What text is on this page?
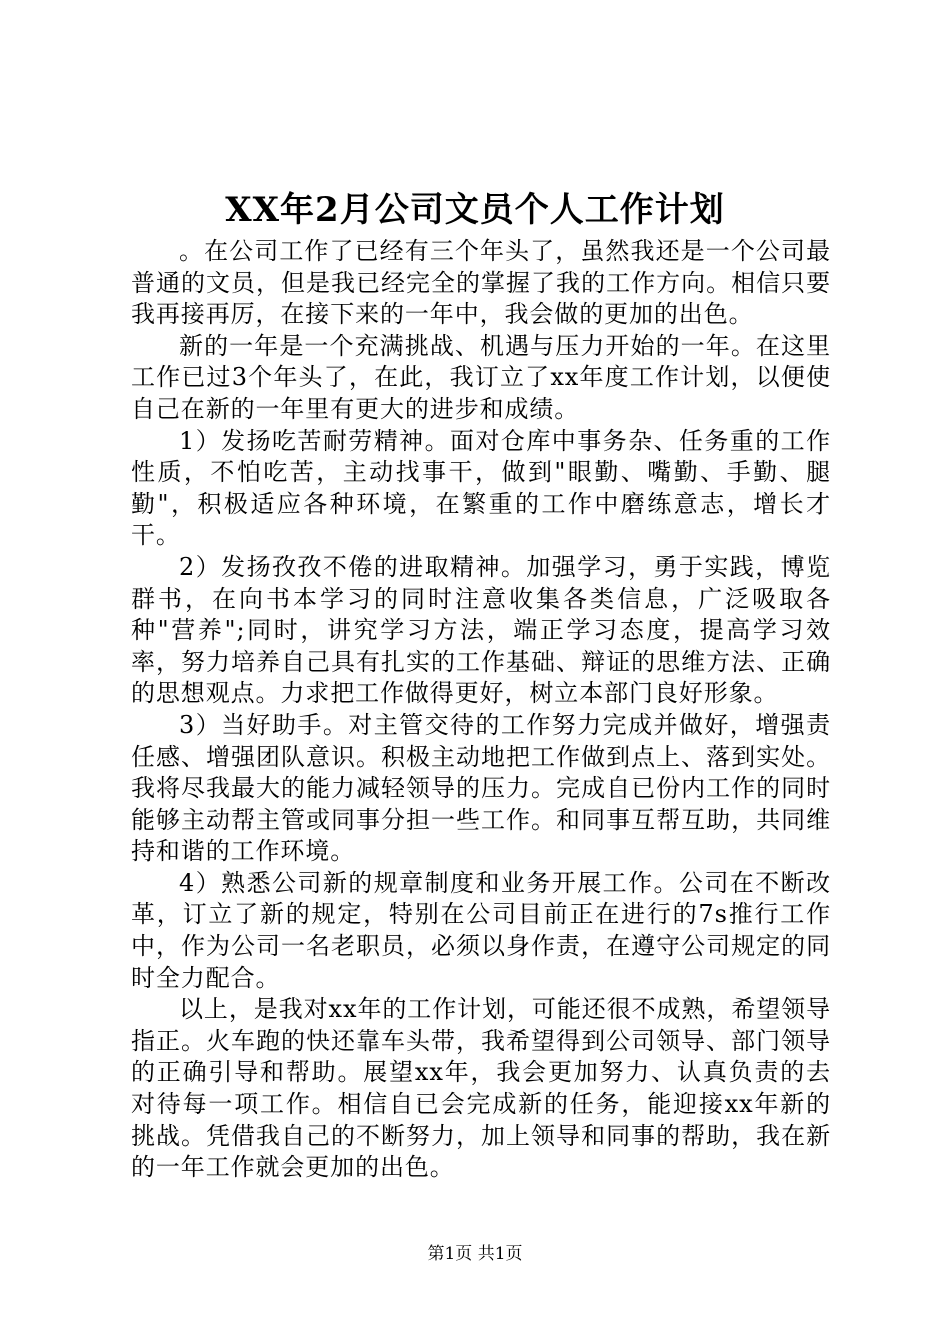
XX年2月公司文员个人工作计划

。在公司工作了已经有三个年头了，虽然我还是一个公司最普通的文员，但是我已经完全的掌握了我的工作方向。相信只要我再接再厉，在接下来的一年中，我会做的更加的出色。

新的一年是一个充满挑战、机遇与压力开始的一年。在这里工作已过3个年头了，在此，我订立了xx年度工作计划，以便使自己在新的一年里有更大的进步和成绩。

1）发扬吃苦耐劳精神。面对仓库中事务杂、任务重的工作性质，不怕吃苦，主动找事干，做到"眼勤、嘴勤、手勤、腿勤"，积极适应各种环境，在繁重的工作中磨练意志，增长才干。

2）发扬孜孜不倦的进取精神。加强学习，勇于实践，博览群书，在向书本学习的同时注意收集各类信息，广泛吸取各种"营养";同时，讲究学习方法，端正学习态度，提高学习效率，努力培养自己具有扎实的工作基础、辩证的思维方法、正确的思想观点。力求把工作做得更好，树立本部门良好形象。

3）当好助手。对主管交待的工作努力完成并做好，增强责任感、增强团队意识。积极主动地把工作做到点上、落到实处。我将尽我最大的能力减轻领导的压力。完成自已份内工作的同时能够主动帮主管或同事分担一些工作。和同事互帮互助，共同维持和谐的工作环境。

4）熟悉公司新的规章制度和业务开展工作。公司在不断改革，订立了新的规定，特别在公司目前正在进行的7s推行工作中，作为公司一名老职员，必须以身作责，在遵守公司规定的同时全力配合。

以上，是我对xx年的工作计划，可能还很不成熟，希望领导指正。火车跑的快还靠车头带，我希望得到公司领导、部门领导的正确引导和帮助。展望xx年，我会更加努力、认真负责的去对待每一项工作。相信自已会完成新的任务，能迎接xx年新的挑战。凭借我自己的不断努力，加上领导和同事的帮助，我在新的一年工作就会更加的出色。

第1页 共1页
